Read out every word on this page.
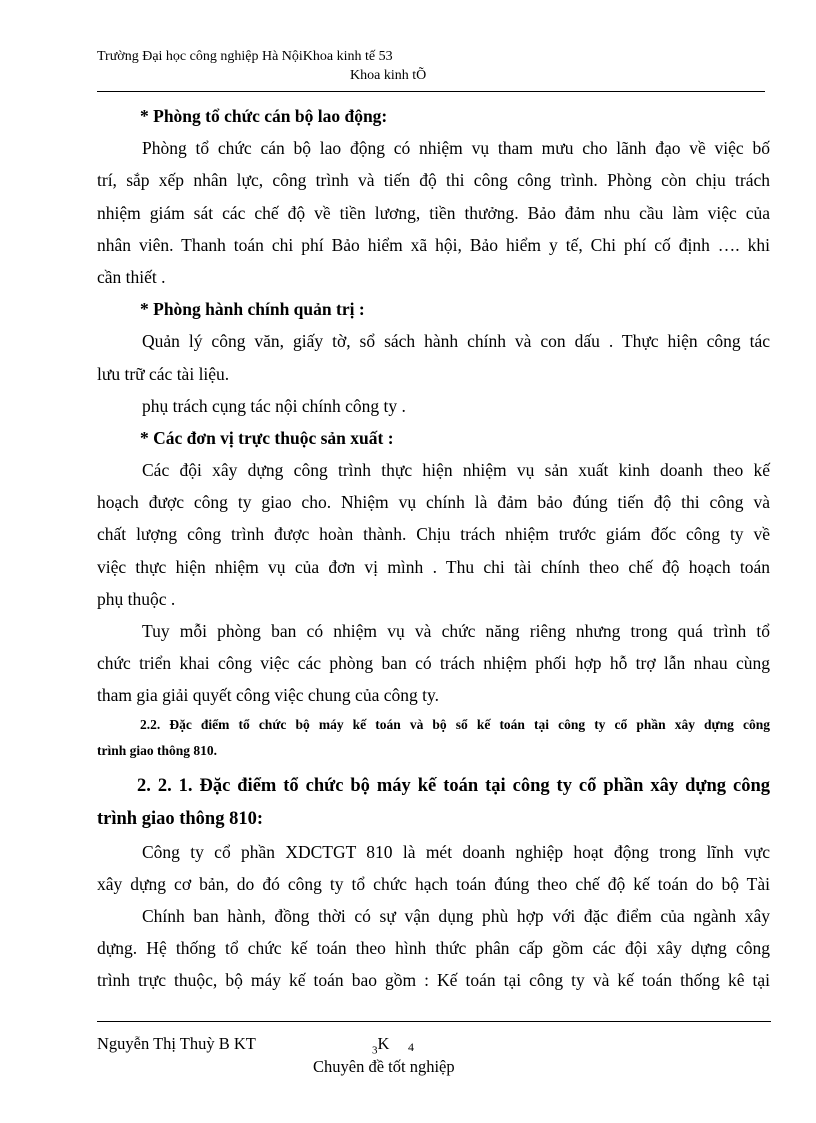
Trường Đại học công nghiệp Hà NộiKhoa kinh tế 53
Khoa kinh tÕ
* Phòng tổ chức cán bộ lao động:
Phòng tổ chức cán bộ lao động có nhiệm vụ tham mưu cho lãnh đạo về việc bố
trí, sắp xếp nhân lực, công trình và tiến độ thi công công trình. Phòng còn chịu trách
nhiệm giám sát các chế độ về tiền lương, tiền thưởng. Bảo đảm nhu cầu làm việc của
nhân viên. Thanh toán chi phí Bảo hiểm xã hội, Bảo hiểm y tế, Chi phí cố định …. khi
cần thiết .
* Phòng hành chính quản trị :
Quản lý công văn, giấy tờ, sổ sách hành chính và con dấu . Thực hiện công tác
lưu trữ các tài liệu.
phụ trách cụng tác nội chính công ty .
* Các đơn vị trực thuộc sản xuất :
Các đội xây dựng công trình thực hiện nhiệm vụ sản xuất kinh doanh theo kế
hoạch được công ty giao cho. Nhiệm vụ chính là đảm bảo đúng tiến độ thi công và
chất lượng công trình được hoàn thành. Chịu trách nhiệm trước giám đốc công ty về
việc thực hiện nhiệm vụ của đơn vị mình . Thu chi tài chính theo chế độ hoạch toán
phụ thuộc .
Tuy mỗi phòng ban có nhiệm vụ và chức năng riêng nhưng trong quá trình tổ
chức triển khai công việc các phòng ban có trách nhiệm phối hợp hỗ trợ lẫn nhau cùng
tham gia giải quyết công việc chung của công ty.
2.2. Đặc điểm tổ chức bộ máy kế toán và bộ sổ kế toán tại công ty cổ phần xây dựng công
trình giao thông 810.
2. 2. 1. Đặc điểm tổ chức bộ máy kế toán tại công ty cổ phần xây dựng công
trình giao thông 810:
Công ty cổ phần XDCTGT 810 là mét doanh nghiệp hoạt động trong lĩnh vực
xây dựng cơ bản, do đó công ty tổ chức hạch toán đúng theo chế độ kế toán do bộ Tài
Chính ban hành, đồng thời có sự vận dụng phù hợp với đặc điểm của ngành xây
dựng. Hệ thống tổ chức kế toán theo hình thức phân cấp gồm các đội xây dựng công
trình trực thuộc, bộ máy kế toán bao gồm : Kế toán tại công ty và kế toán thống kê tại
Nguyễn Thị Thuỳ B KT	$_3$K 4
Chuyên đề tốt nghiệp
